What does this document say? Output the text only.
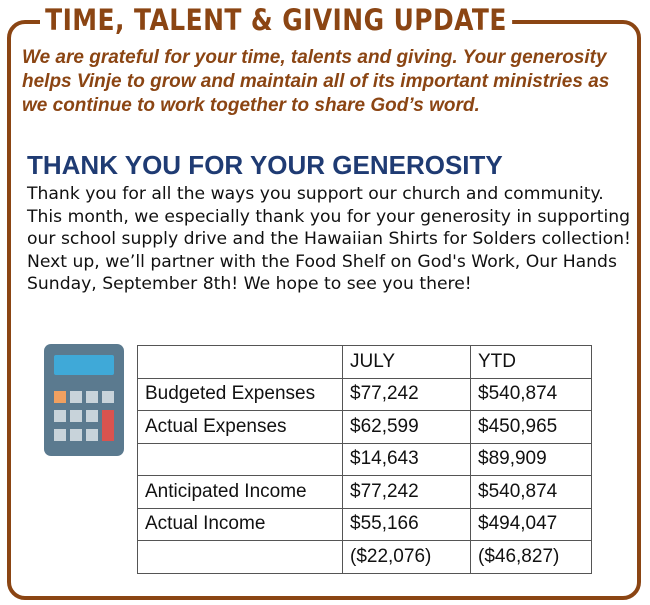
TIME, TALENT & GIVING UPDATE
We are grateful for your time, talents and giving. Your generosity helps Vinje to grow and maintain all of its important ministries as we continue to work together to share God’s word.
THANK YOU FOR YOUR GENEROSITY
Thank you for all the ways you support our church and community. This month, we especially thank you for your generosity in supporting our school supply drive and the Hawaiian Shirts for Solders collection! Next up, we’ll partner with the Food Shelf on God's Work, Our Hands Sunday, September 8th! We hope to see you there!
	JULY	YTD
Budgeted Expenses	$77,242	$540,874
Actual Expenses	$62,599	$450,965
	$14,643	$89,909
Anticipated Income	$77,242	$540,874
Actual Income	$55,166	$494,047
	($22,076)	($46,827)
